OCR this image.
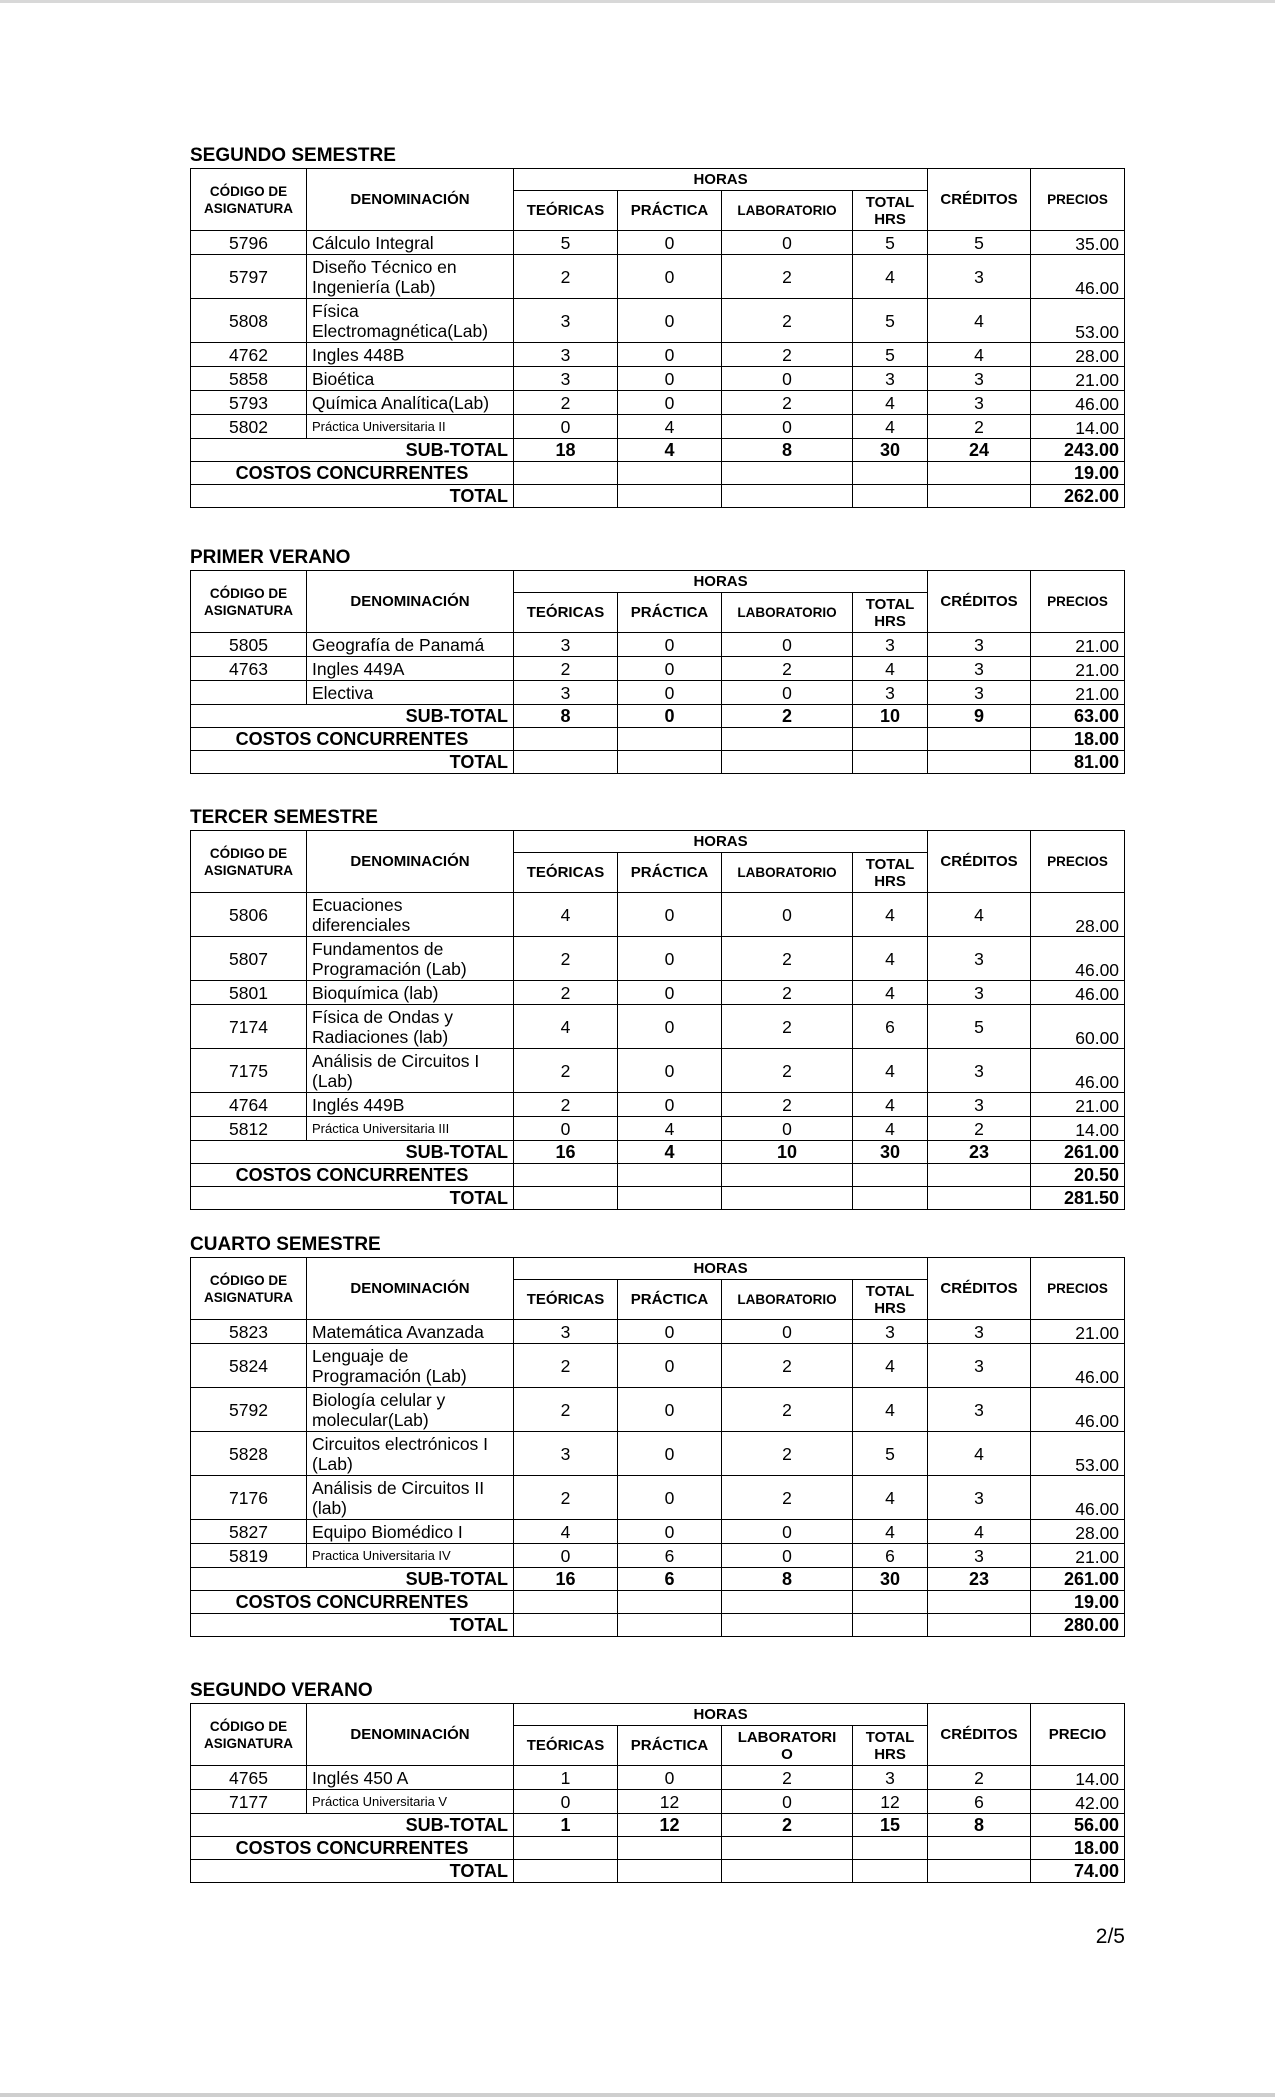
SEGUNDO SEMESTRE
CÓDIGO DE
ASIGNATURA	DENOMINACIÓN	HORAS				CRÉDITOS	PRECIOS
		TEÓRICAS	PRÁCTICA	LABORATORIO	TOTAL
HRS		
5796	Cálculo Integral	5	0	0	5	5	35.00
5797	Diseño Técnico en
Ingeniería (Lab)	2	0	2	4	3	46.00
5808	Física
Electromagnética(Lab)	3	0	2	5	4	53.00
4762	Ingles 448B	3	0	2	5	4	28.00
5858	Bioética	3	0	0	3	3	21.00
5793	Química Analítica(Lab)	2	0	2	4	3	46.00
5802	Práctica Universitaria II	0	4	0	4	2	14.00
SUB-TOTAL		18	4	8	30	24	243.00
COSTOS CONCURRENTES							19.00
TOTAL							262.00
PRIMER VERANO
CÓDIGO DE
ASIGNATURA	DENOMINACIÓN	HORAS				CRÉDITOS	PRECIOS
		TEÓRICAS	PRÁCTICA	LABORATORIO	TOTAL
HRS		
5805	Geografía de Panamá	3	0	0	3	3	21.00
4763	Ingles 449A	2	0	2	4	3	21.00
	Electiva	3	0	0	3	3	21.00
SUB-TOTAL		8	0	2	10	9	63.00
COSTOS CONCURRENTES							18.00
TOTAL							81.00
TERCER SEMESTRE
CÓDIGO DE
ASIGNATURA	DENOMINACIÓN	HORAS				CRÉDITOS	PRECIOS
		TEÓRICAS	PRÁCTICA	LABORATORIO	TOTAL
HRS		
5806	Ecuaciones
diferenciales	4	0	0	4	4	28.00
5807	Fundamentos de
Programación (Lab)	2	0	2	4	3	46.00
5801	Bioquímica (lab)	2	0	2	4	3	46.00
7174	Física de Ondas y
Radiaciones (lab)	4	0	2	6	5	60.00
7175	Análisis de Circuitos I
(Lab)	2	0	2	4	3	46.00
4764	Inglés 449B	2	0	2	4	3	21.00
5812	Práctica Universitaria III	0	4	0	4	2	14.00
SUB-TOTAL		16	4	10	30	23	261.00
COSTOS CONCURRENTES							20.50
TOTAL							281.50
CUARTO SEMESTRE
CÓDIGO DE
ASIGNATURA	DENOMINACIÓN	HORAS				CRÉDITOS	PRECIOS
		TEÓRICAS	PRÁCTICA	LABORATORIO	TOTAL
HRS		
5823	Matemática Avanzada	3	0	0	3	3	21.00
5824	Lenguaje de
Programación (Lab)	2	0	2	4	3	46.00
5792	Biología celular y
molecular(Lab)	2	0	2	4	3	46.00
5828	Circuitos electrónicos I
(Lab)	3	0	2	5	4	53.00
7176	Análisis de Circuitos II
(lab)	2	0	2	4	3	46.00
5827	Equipo Biomédico I	4	0	0	4	4	28.00
5819	Practica Universitaria IV	0	6	0	6	3	21.00
SUB-TOTAL		16	6	8	30	23	261.00
COSTOS CONCURRENTES							19.00
TOTAL							280.00
SEGUNDO VERANO
CÓDIGO DE
ASIGNATURA	DENOMINACIÓN	HORAS				CRÉDITOS	PRECIO
		TEÓRICAS	PRÁCTICA	LABORATORI
O	TOTAL
HRS		
4765	Inglés 450 A	1	0	2	3	2	14.00
7177	Práctica Universitaria V	0	12	0	12	6	42.00
SUB-TOTAL		1	12	2	15	8	56.00
COSTOS CONCURRENTES							18.00
TOTAL							74.00
2/5
